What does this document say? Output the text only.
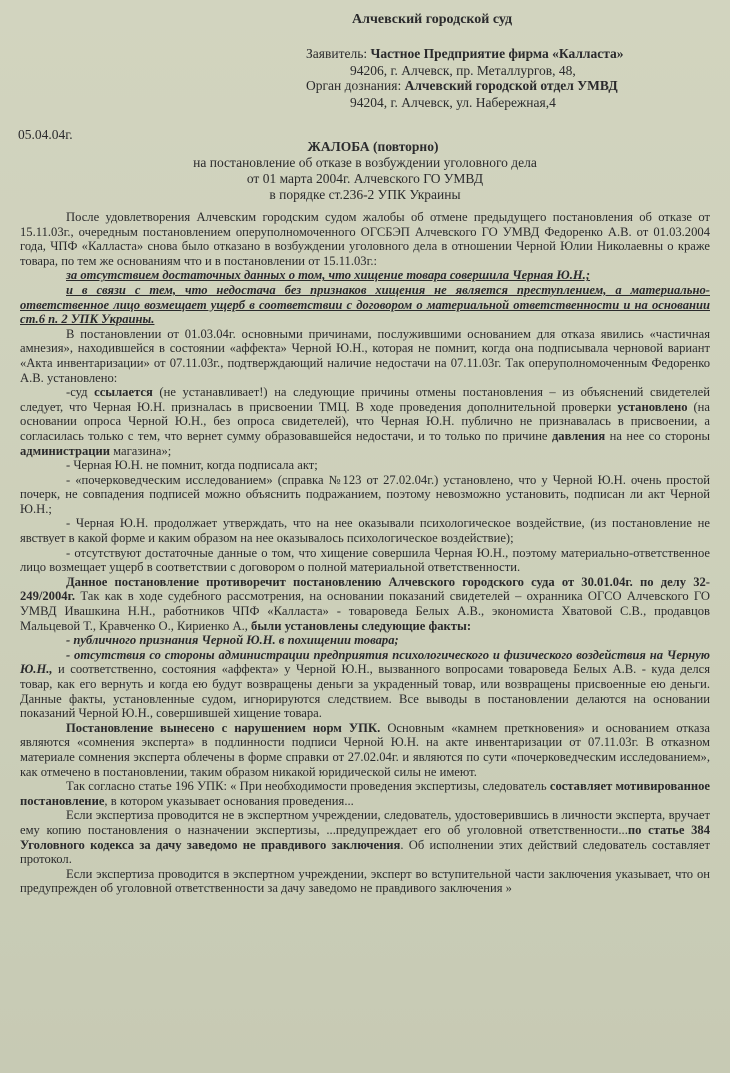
Алчевский городской суд
Заявитель: Частное Предприятие фирма «Калласта»
94206, г. Алчевск, пр. Металлургов, 48,
Орган дознания: Алчевский городской отдел УМВД
94204, г. Алчевск, ул. Набережная,4
05.04.04г.
ЖАЛОБА (повторно)
на постановление об отказе в возбуждении уголовного дела
от 01 марта 2004г. Алчевского ГО УМВД
в порядке ст.236-2 УПК Украины

После удовлетворения Алчевским городским судом жалобы об отмене предыдущего постановления об отказе от 15.11.03г., очередным постановлением оперуполномоченного ОГСБЭП Алчевского ГО УМВД Федоренко А.В. от 01.03.2004 года, ЧПФ «Калласта» снова было отказано в возбуждении уголовного дела в отношении Черной Юлии Николаевны о краже товара, по тем же основаниям что и в постановлении от 15.11.03г.:

за отсутствием достаточных данных о том, что хищение товара совершила Черная Ю.Н.;

и в связи с тем, что недостача без признаков хищения не является преступлением, а материально-ответственное лицо возмещает ущерб в соответствии с договором о материальной ответственности и на основании ст.6 п. 2 УПК Украины.

В постановлении от 01.03.04г. основными причинами, послужившими основанием для отказа явились «частичная амнезия», находившейся в состоянии «аффекта» Черной Ю.Н., которая не помнит, когда она подписывала черновой вариант «Акта инвентаризации» от 07.11.03г., подтверждающий наличие недостачи на 07.11.03г. Так оперуполномоченным Федоренко А.В. установлено:

-суд ссылается (не устанавливает!) на следующие причины отмены постановления – из объяснений свидетелей следует, что Черная Ю.Н. призналась в присвоении ТМЦ. В ходе проведения дополнительной проверки установлено (на основании опроса Черной Ю.Н., без опроса свидетелей), что Черная Ю.Н. публично не признавалась в присвоении, а согласилась только с тем, что вернет сумму образовавшейся недостачи, и то только по причине давления на нее со стороны администрации магазина»;

- Черная Ю.Н. не помнит, когда подписала акт;

- «почерковедческим исследованием» (справка №123 от 27.02.04г.) установлено, что у Черной Ю.Н. очень простой почерк, не совпадения подписей можно объяснить подражанием, поэтому невозможно установить, подписан ли акт Черной Ю.Н.;

- Черная Ю.Н. продолжает утверждать, что на нее оказывали психологическое воздействие, (из постановление не явствует в какой форме и каким образом на нее оказывалось психологическое воздействие);

- отсутствуют достаточные данные о том, что хищение совершила Черная Ю.Н., поэтому материально-ответственное лицо возмещает ущерб в соответствии с договором о полной материальной ответственности.

Данное постановление противоречит постановлению Алчевского городского суда от 30.01.04г. по делу 32-249/2004г. Так как в ходе судебного рассмотрения, на основании показаний свидетелей – охранника ОГСО Алчевского ГО УМВД Ивашкина Н.Н., работников ЧПФ «Калласта» - товароведа Белых А.В., экономиста Хватовой С.В., продавцов Мальцевой Т., Кравченко О., Кириенко А., были установлены следующие факты:

- публичного признания Черной Ю.Н. в похищении товара;

- отсутствия со стороны администрации предприятия психологического и физического воздействия на Черную Ю.Н., и соответственно, состояния «аффекта» у Черной Ю.Н., вызванного вопросами товароведа Белых А.В. - куда делся товар, как его вернуть и когда ею будут возвращены деньги за украденный товар, или возвращены присвоенные ею деньги. Данные факты, установленные судом, игнорируются следствием. Все выводы в постановлении делаются на основании показаний Черной Ю.Н., совершившей хищение товара.

Постановление вынесено с нарушением норм УПК. Основным «камнем преткновения» и основанием отказа являются «сомнения эксперта» в подлинности подписи Черной Ю.Н. на акте инвентаризации от 07.11.03г. В отказном материале сомнения эксперта облечены в форме справки от 27.02.04г. и являются по сути «почерковедческим исследованием», как отмечено в постановлении, таким образом никакой юридической силы не имеют.

Так согласно статье 196 УПК: « При необходимости проведения экспертизы, следователь составляет мотивированное постановление, в котором указывает основания проведения...

Если экспертиза проводится не в экспертном учреждении, следователь, удостоверившись в личности эксперта, вручает ему копию постановления о назначении экспертизы, ...предупреждает его об уголовной ответственности...по статье 384 Уголовного кодекса за дачу заведомо не правдивого заключения. Об исполнении этих действий следователь составляет протокол.

Если экспертиза проводится в экспертном учреждении, эксперт во вступительной части заключения указывает, что он предупрежден об уголовной ответственности за дачу заведомо не правдивого заключения »
